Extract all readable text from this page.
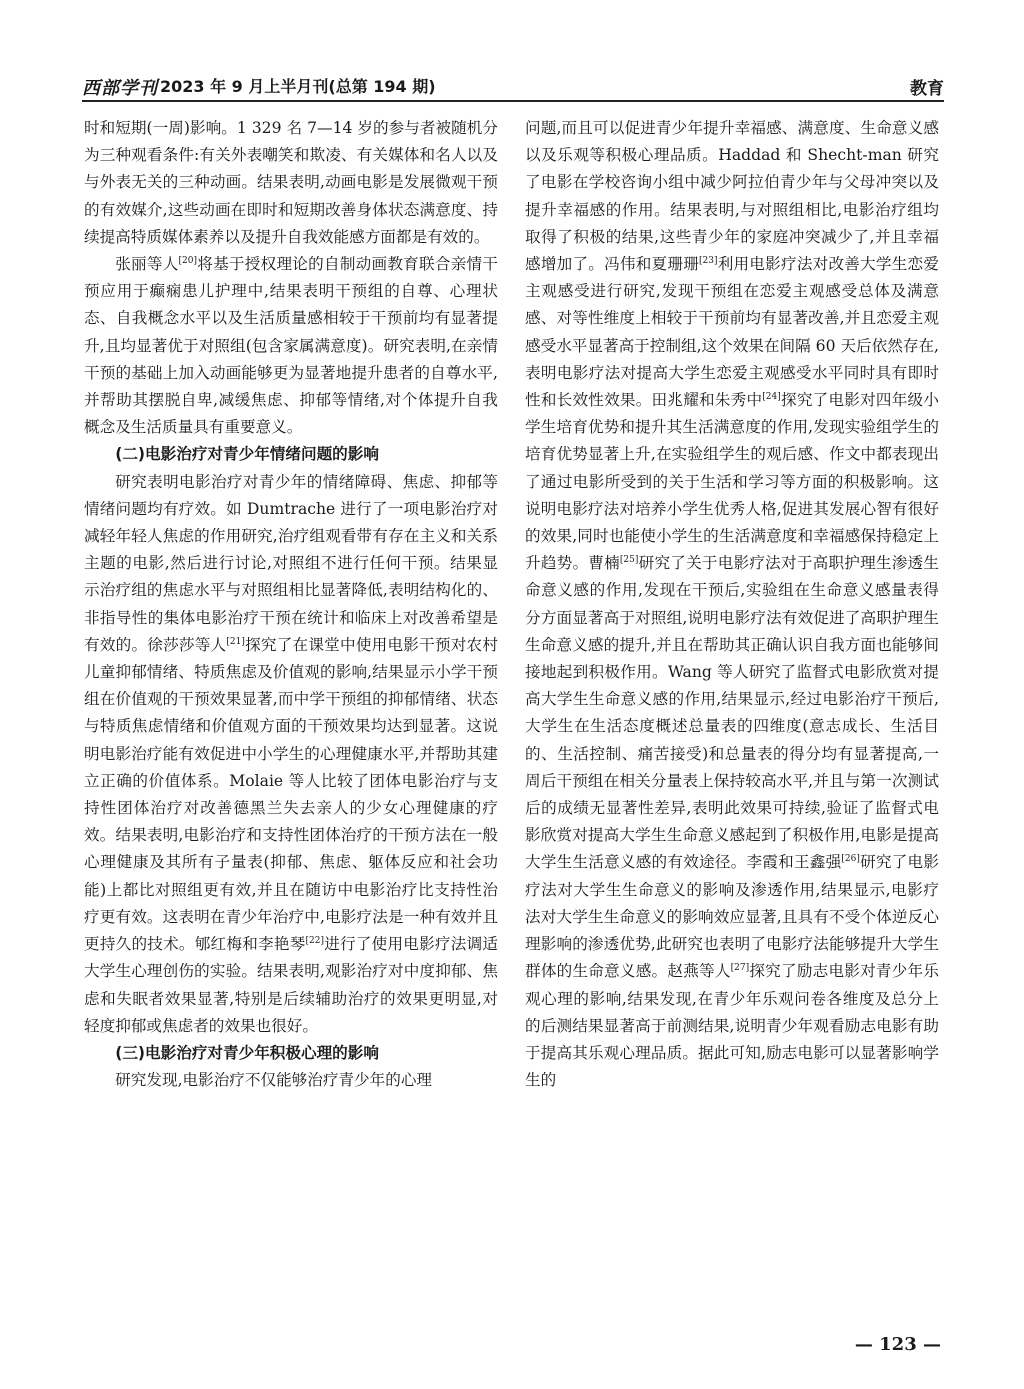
西部学刊 2023 年 9 月上半月刊(总第 194 期)	教育

时和短期(一周)影响。1 329 名 7—14 岁的参与者被随机分为三种观看条件:有关外表嘲笑和欺凌、有关媒体和名人以及与外表无关的三种动画。结果表明,动画电影是发展微观干预的有效媒介,这些动画在即时和短期改善身体状态满意度、持续提高特质媒体素养以及提升自我效能感方面都是有效的。

张丽等人[20]将基于授权理论的自制动画教育联合亲情干预应用于癫痫患儿护理中,结果表明干预组的自尊、心理状态、自我概念水平以及生活质量感相较于干预前均有显著提升,且均显著优于对照组(包含家属满意度)。研究表明,在亲情干预的基础上加入动画能够更为显著地提升患者的自尊水平,并帮助其摆脱自卑,减缓焦虑、抑郁等情绪,对个体提升自我概念及生活质量具有重要意义。

(二)电影治疗对青少年情绪问题的影响

研究表明电影治疗对青少年的情绪障碍、焦虑、抑郁等情绪问题均有疗效。如 Dumtrache 进行了一项电影治疗对减轻年轻人焦虑的作用研究,治疗组观看带有存在主义和关系主题的电影,然后进行讨论,对照组不进行任何干预。结果显示治疗组的焦虑水平与对照组相比显著降低,表明结构化的、非指导性的集体电影治疗干预在统计和临床上对改善希望是有效的。徐莎莎等人[21]探究了在课堂中使用电影干预对农村儿童抑郁情绪、特质焦虑及价值观的影响,结果显示小学干预组在价值观的干预效果显著,而中学干预组的抑郁情绪、状态与特质焦虑情绪和价值观方面的干预效果均达到显著。这说明电影治疗能有效促进中小学生的心理健康水平,并帮助其建立正确的价值体系。Molaie 等人比较了团体电影治疗与支持性团体治疗对改善德黑兰失去亲人的少女心理健康的疗效。结果表明,电影治疗和支持性团体治疗的干预方法在一般心理健康及其所有子量表(抑郁、焦虑、躯体反应和社会功能)上都比对照组更有效,并且在随访中电影治疗比支持性治疗更有效。这表明在青少年治疗中,电影疗法是一种有效并且更持久的技术。郇红梅和李艳琴[22]进行了使用电影疗法调适大学生心理创伤的实验。结果表明,观影治疗对中度抑郁、焦虑和失眠者效果显著,特别是后续辅助治疗的效果更明显,对轻度抑郁或焦虑者的效果也很好。

(三)电影治疗对青少年积极心理的影响

研究发现,电影治疗不仅能够治疗青少年的心理

问题,而且可以促进青少年提升幸福感、满意度、生命意义感以及乐观等积极心理品质。Haddad 和 Shecht-man 研究了电影在学校咨询小组中减少阿拉伯青少年与父母冲突以及提升幸福感的作用。结果表明,与对照组相比,电影治疗组均取得了积极的结果,这些青少年的家庭冲突减少了,并且幸福感增加了。冯伟和夏珊珊[23]利用电影疗法对改善大学生恋爱主观感受进行研究,发现干预组在恋爱主观感受总体及满意感、对等性维度上相较于干预前均有显著改善,并且恋爱主观感受水平显著高于控制组,这个效果在间隔 60 天后依然存在,表明电影疗法对提高大学生恋爱主观感受水平同时具有即时性和长效性效果。田兆耀和朱秀中[24]探究了电影对四年级小学生培育优势和提升其生活满意度的作用,发现实验组学生的培育优势显著上升,在实验组学生的观后感、作文中都表现出了通过电影所受到的关于生活和学习等方面的积极影响。这说明电影疗法对培养小学生优秀人格,促进其发展心智有很好的效果,同时也能使小学生的生活满意度和幸福感保持稳定上升趋势。曹楠[25]研究了关于电影疗法对于高职护理生渗透生命意义感的作用,发现在干预后,实验组在生命意义感量表得分方面显著高于对照组,说明电影疗法有效促进了高职护理生生命意义感的提升,并且在帮助其正确认识自我方面也能够间接地起到积极作用。Wang 等人研究了监督式电影欣赏对提高大学生生命意义感的作用,结果显示,经过电影治疗干预后,大学生在生活态度概述总量表的四维度(意志成长、生活目的、生活控制、痛苦接受)和总量表的得分均有显著提高,一周后干预组在相关分量表上保持较高水平,并且与第一次测试后的成绩无显著性差异,表明此效果可持续,验证了监督式电影欣赏对提高大学生生命意义感起到了积极作用,电影是提高大学生生活意义感的有效途径。李霞和王鑫强[26]研究了电影疗法对大学生生命意义的影响及渗透作用,结果显示,电影疗法对大学生生命意义的影响效应显著,且具有不受个体逆反心理影响的渗透优势,此研究也表明了电影疗法能够提升大学生群体的生命意义感。赵燕等人[27]探究了励志电影对青少年乐观心理的影响,结果发现,在青少年乐观问卷各维度及总分上的后测结果显著高于前测结果,说明青少年观看励志电影有助于提高其乐观心理品质。据此可知,励志电影可以显著影响学生的

— 123 —
